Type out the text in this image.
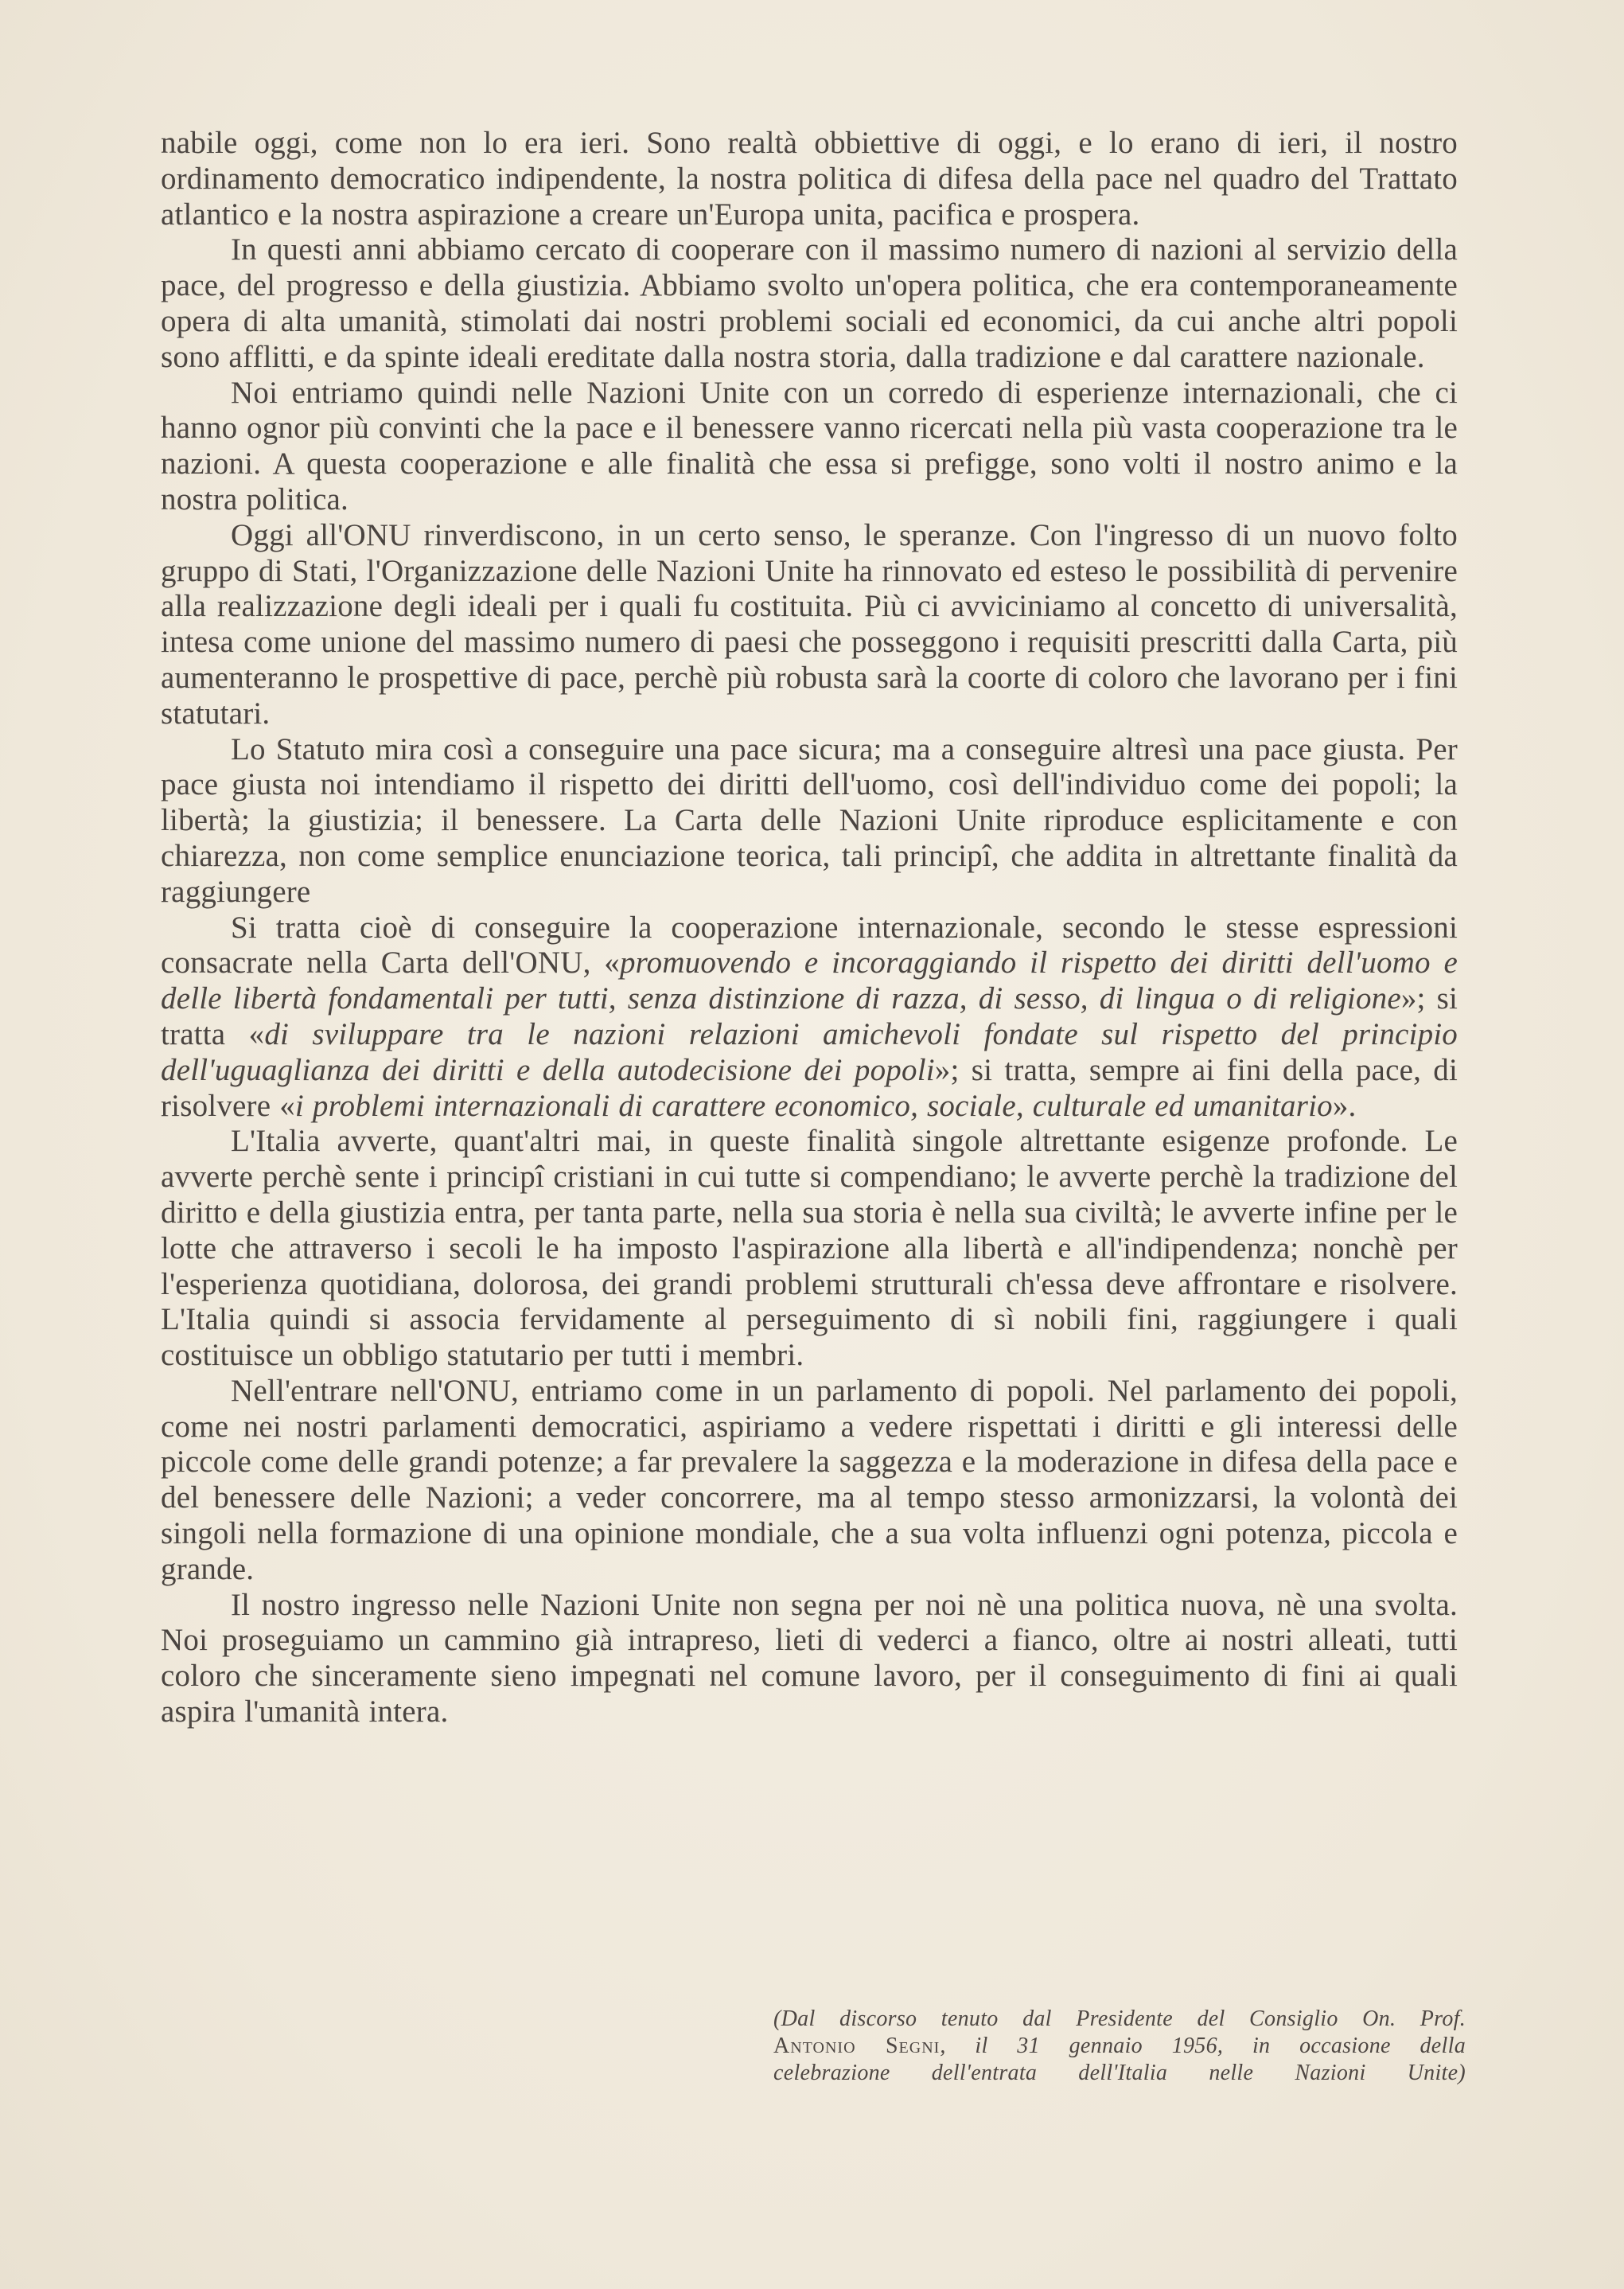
nabile oggi, come non lo era ieri. Sono realtà obbiettive di oggi, e lo erano di ieri, il nostro ordinamento democratico indipendente, la nostra politica di difesa della pace nel quadro del Trattato atlantico e la nostra aspirazione a creare un'Europa unita, pacifica e prospera.

In questi anni abbiamo cercato di cooperare con il massimo numero di nazioni al servizio della pace, del progresso e della giustizia. Abbiamo svolto un'opera politica, che era contemporaneamente opera di alta umanità, stimolati dai nostri problemi sociali ed economici, da cui anche altri popoli sono afflitti, e da spinte ideali ereditate dalla nostra storia, dalla tradizione e dal carattere nazionale.

Noi entriamo quindi nelle Nazioni Unite con un corredo di esperienze internazionali, che ci hanno ognor più convinti che la pace e il benessere vanno ricercati nella più vasta cooperazione tra le nazioni. A questa cooperazione e alle finalità che essa si prefigge, sono volti il nostro animo e la nostra politica.

Oggi all'ONU rinverdiscono, in un certo senso, le speranze. Con l'ingresso di un nuovo folto gruppo di Stati, l'Organizzazione delle Nazioni Unite ha rinnovato ed esteso le possibilità di pervenire alla realizzazione degli ideali per i quali fu costituita. Più ci avviciniamo al concetto di universalità, intesa come unione del massimo numero di paesi che posseggono i requisiti prescritti dalla Carta, più aumenteranno le prospettive di pace, perchè più robusta sarà la coorte di coloro che lavorano per i fini statutari.

Lo Statuto mira così a conseguire una pace sicura; ma a conseguire altresì una pace giusta. Per pace giusta noi intendiamo il rispetto dei diritti dell'uomo, così dell'individuo come dei popoli; la libertà; la giustizia; il benessere. La Carta delle Nazioni Unite riproduce esplicitamente e con chiarezza, non come semplice enunciazione teorica, tali principî, che addita in altrettante finalità da raggiungere

Si tratta cioè di conseguire la cooperazione internazionale, secondo le stesse espressioni consacrate nella Carta dell'ONU, «promuovendo e incoraggiando il rispetto dei diritti dell'uomo e delle libertà fondamentali per tutti, senza distinzione di razza, di sesso, di lingua o di religione»; si tratta «di sviluppare tra le nazioni relazioni amichevoli fondate sul rispetto del principio dell'uguaglianza dei diritti e della autodecisione dei popoli»; si tratta, sempre ai fini della pace, di risolvere «i problemi internazionali di carattere economico, sociale, culturale ed umanitario».

L'Italia avverte, quant'altri mai, in queste finalità singole altrettante esigenze profonde. Le avverte perchè sente i principî cristiani in cui tutte si compendiano; le avverte perchè la tradizione del diritto e della giustizia entra, per tanta parte, nella sua storia è nella sua civiltà; le avverte infine per le lotte che attraverso i secoli le ha imposto l'aspirazione alla libertà e all'indipendenza; nonchè per l'esperienza quotidiana, dolorosa, dei grandi problemi strutturali ch'essa deve affrontare e risolvere. L'Italia quindi si associa fervidamente al perseguimento di sì nobili fini, raggiungere i quali costituisce un obbligo statutario per tutti i membri.

Nell'entrare nell'ONU, entriamo come in un parlamento di popoli. Nel parlamento dei popoli, come nei nostri parlamenti democratici, aspiriamo a vedere rispettati i diritti e gli interessi delle piccole come delle grandi potenze; a far prevalere la saggezza e la moderazione in difesa della pace e del benessere delle Nazioni; a veder concorrere, ma al tempo stesso armonizzarsi, la volontà dei singoli nella formazione di una opinione mondiale, che a sua volta influenzi ogni potenza, piccola e grande.

Il nostro ingresso nelle Nazioni Unite non segna per noi nè una politica nuova, nè una svolta. Noi proseguiamo un cammino già intrapreso, lieti di vederci a fianco, oltre ai nostri alleati, tutti coloro che sinceramente sieno impegnati nel comune lavoro, per il conseguimento di fini ai quali aspira l'umanità intera.

(Dal discorso tenuto dal Presidente del Consiglio On. Prof.
Antonio Segni, il 31 gennaio 1956, in occasione della
celebrazione dell'entrata dell'Italia nelle Nazioni Unite)
